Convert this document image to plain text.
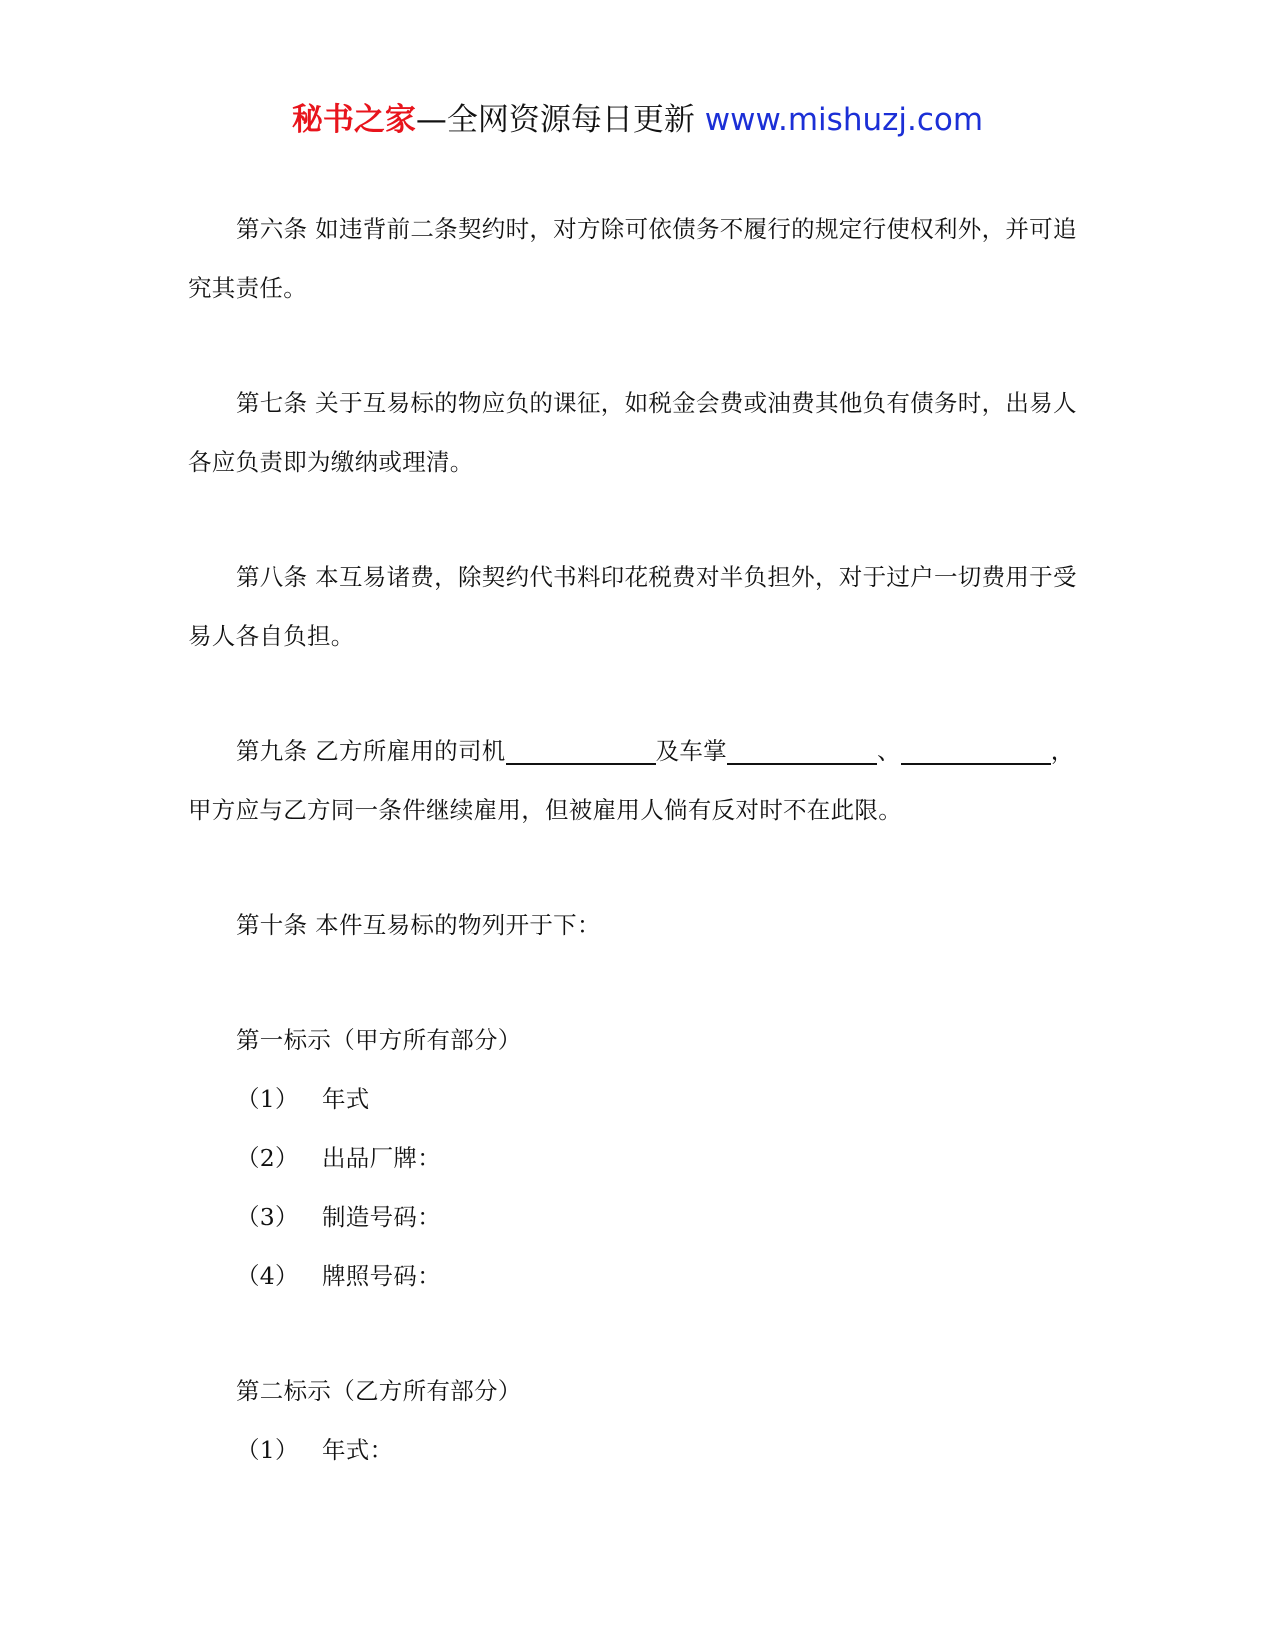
秘书之家—全网资源每日更新 www.mishuzj.com

第六条 如违背前二条契约时，对方除可依债务不履行的规定行使权利外，并可追究其责任。

第七条 关于互易标的物应负的课征，如税金会费或油费其他负有债务时，出易人各应负责即为缴纳或理清。

第八条 本互易诸费，除契约代书料印花税费对半负担外，对于过户一切费用于受易人各自负担。

第九条 乙方所雇用的司机	及车掌	、	，甲方应与乙方同一条件继续雇用，但被雇用人倘有反对时不在此限。

第十条 本件互易标的物列开于下：

第一标示（甲方所有部分）

（1） 年式

（2） 出品厂牌：

（3） 制造号码：

（4） 牌照号码：

第二标示（乙方所有部分）

（1） 年式：
